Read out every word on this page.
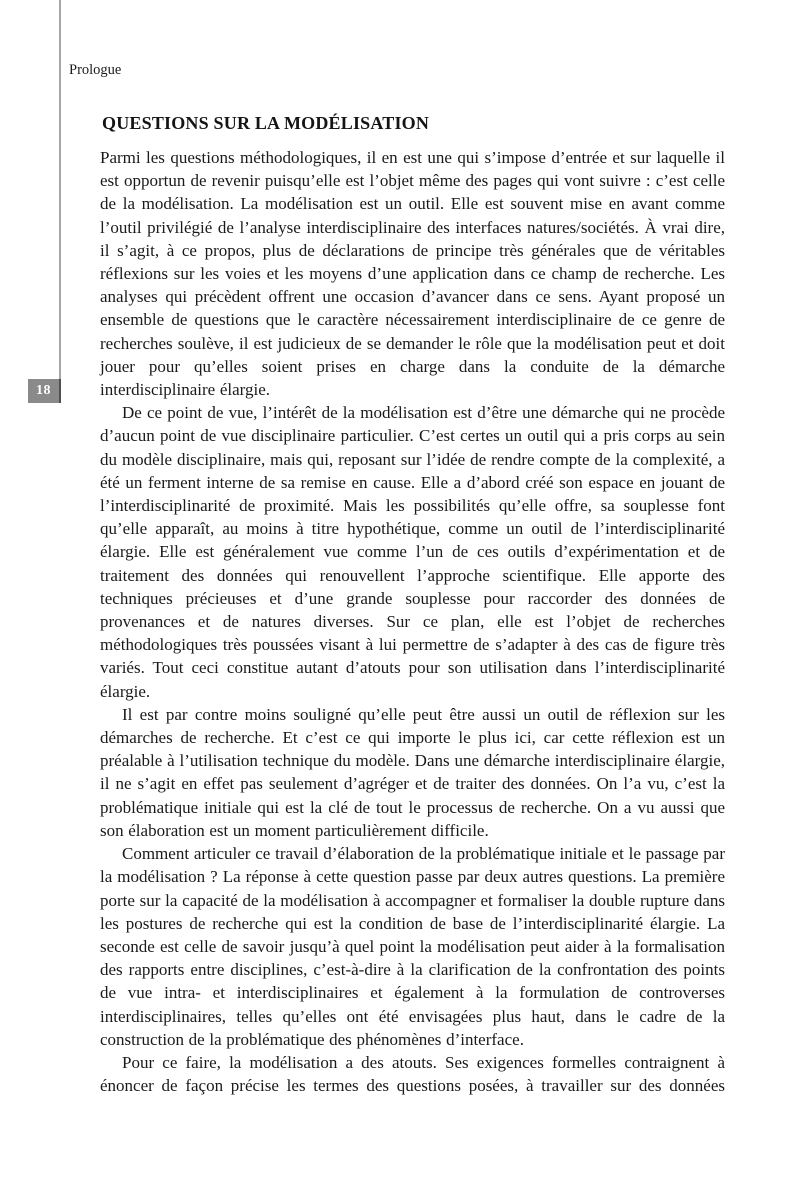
18
Prologue
QUESTIONS SUR LA MODÉLISATION

Parmi les questions méthodologiques, il en est une qui s’impose d’entrée et sur laquelle il est opportun de revenir puisqu’elle est l’objet même des pages qui vont suivre : c’est celle de la modélisation. La modélisation est un outil. Elle est souvent mise en avant comme l’outil privilégié de l’analyse interdisciplinaire des interfaces natures/sociétés. À vrai dire, il s’agit, à ce propos, plus de déclarations de principe très générales que de véritables réflexions sur les voies et les moyens d’une application dans ce champ de recherche. Les analyses qui précèdent offrent une occasion d’avancer dans ce sens. Ayant proposé un ensemble de questions que le caractère nécessairement interdisciplinaire de ce genre de recherches soulève, il est judicieux de se demander le rôle que la modélisation peut et doit jouer pour qu’elles soient prises en charge dans la conduite de la démarche interdisciplinaire élargie.

De ce point de vue, l’intérêt de la modélisation est d’être une démarche qui ne procède d’aucun point de vue disciplinaire particulier. C’est certes un outil qui a pris corps au sein du modèle disciplinaire, mais qui, reposant sur l’idée de rendre compte de la complexité, a été un ferment interne de sa remise en cause. Elle a d’abord créé son espace en jouant de l’interdisciplinarité de proximité. Mais les possibilités qu’elle offre, sa souplesse font qu’elle apparaît, au moins à titre hypothétique, comme un outil de l’interdisciplinarité élargie. Elle est généralement vue comme l’un de ces outils d’expérimentation et de traitement des données qui renouvellent l’approche scientifique. Elle apporte des techniques précieuses et d’une grande souplesse pour raccorder des données de provenances et de natures diverses. Sur ce plan, elle est l’objet de recherches méthodologiques très poussées visant à lui permettre de s’adapter à des cas de figure très variés. Tout ceci constitue autant d’atouts pour son utilisation dans l’interdisciplinarité élargie.

Il est par contre moins souligné qu’elle peut être aussi un outil de réflexion sur les démarches de recherche. Et c’est ce qui importe le plus ici, car cette réflexion est un préalable à l’utilisation technique du modèle. Dans une démarche interdisciplinaire élargie, il ne s’agit en effet pas seulement d’agréger et de traiter des données. On l’a vu, c’est la problématique initiale qui est la clé de tout le processus de recherche. On a vu aussi que son élaboration est un moment particulièrement difficile.

Comment articuler ce travail d’élaboration de la problématique initiale et le passage par la modélisation ? La réponse à cette question passe par deux autres questions. La première porte sur la capacité de la modélisation à accompagner et formaliser la double rupture dans les postures de recherche qui est la condition de base de l’interdisciplinarité élargie. La seconde est celle de savoir jusqu’à quel point la modélisation peut aider à la formalisation des rapports entre disciplines, c’est-à-dire à la clarification de la confrontation des points de vue intra- et interdisciplinaires et également à la formulation de controverses interdisciplinaires, telles qu’elles ont été envisagées plus haut, dans le cadre de la construction de la problématique des phénomènes d’interface.

Pour ce faire, la modélisation a des atouts. Ses exigences formelles contraignent à énoncer de façon précise les termes des questions posées, à travailler sur des données
